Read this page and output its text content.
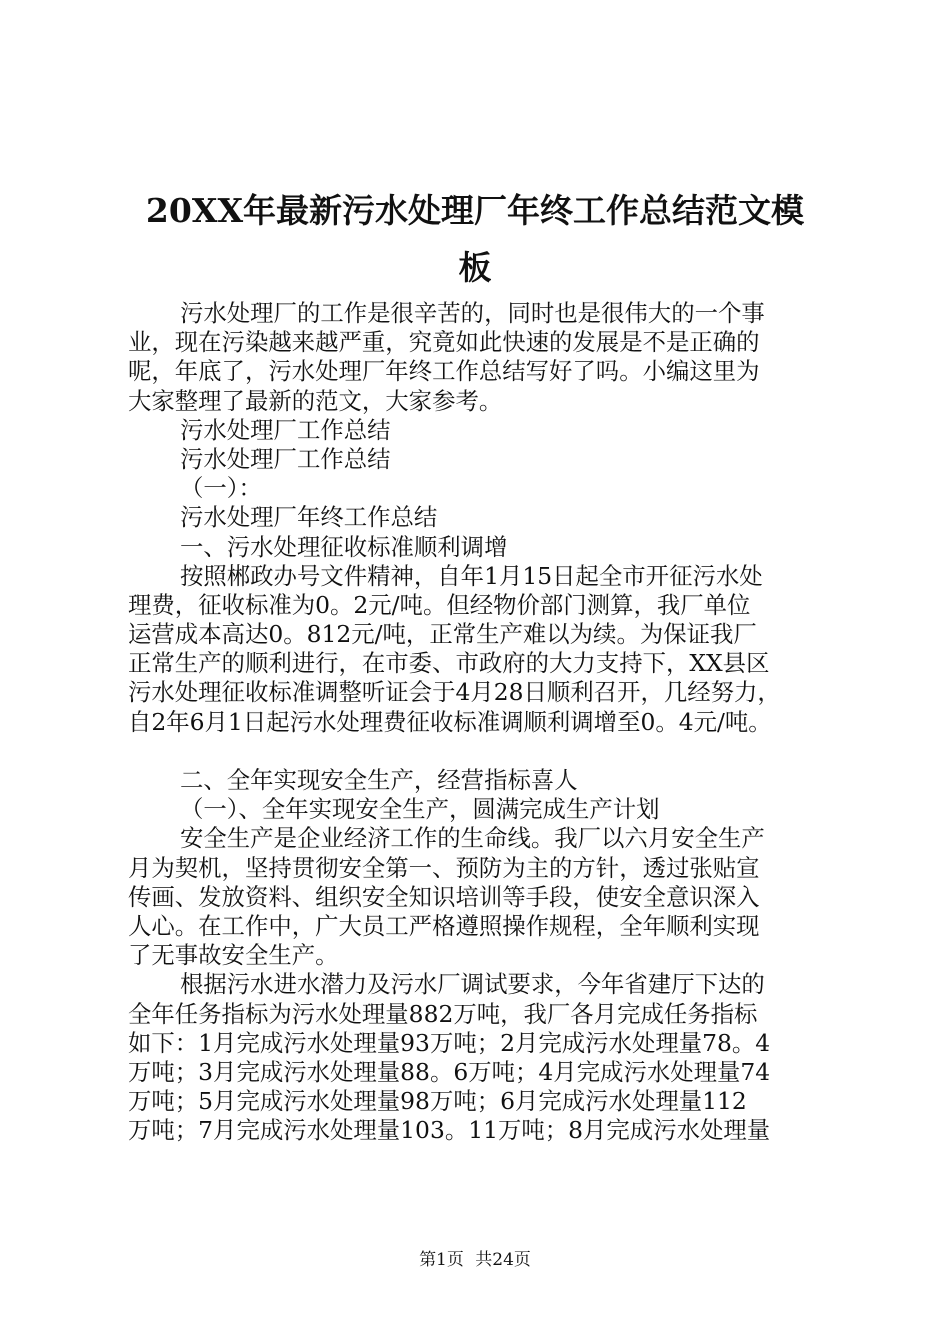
20XX年最新污水处理厂年终工作总结范文模
板
污水处理厂的工作是很辛苦的，同时也是很伟大的一个事
业，现在污染越来越严重，究竟如此快速的发展是不是正确的
呢，年底了，污水处理厂年终工作总结写好了吗。小编这里为
大家整理了最新的范文，大家参考。
污水处理厂工作总结
污水处理厂工作总结
（一）：
污水处理厂年终工作总结
一、污水处理征收标准顺利调增
按照郴政办号文件精神，自年1月15日起全市开征污水处
理费，征收标准为0。2元/吨。但经物价部门测算，我厂单位
运营成本高达0。812元/吨，正常生产难以为续。为保证我厂
正常生产的顺利进行，在市委、市政府的大力支持下，XX县区
污水处理征收标准调整听证会于4月28日顺利召开，几经努力，
自2年6月1日起污水处理费征收标准调顺利调增至0。4元/吨。
二、全年实现安全生产，经营指标喜人
（一）、全年实现安全生产，圆满完成生产计划
安全生产是企业经济工作的生命线。我厂以六月安全生产
月为契机，坚持贯彻安全第一、预防为主的方针，透过张贴宣
传画、发放资料、组织安全知识培训等手段，使安全意识深入
人心。在工作中，广大员工严格遵照操作规程，全年顺利实现
了无事故安全生产。
根据污水进水潜力及污水厂调试要求，今年省建厅下达的
全年任务指标为污水处理量882万吨，我厂各月完成任务指标
如下：1月完成污水处理量93万吨；2月完成污水处理量78。4
万吨；3月完成污水处理量88。6万吨；4月完成污水处理量74
万吨；5月完成污水处理量98万吨；6月完成污水处理量112
万吨；7月完成污水处理量103。11万吨；8月完成污水处理量
第1页 共24页
